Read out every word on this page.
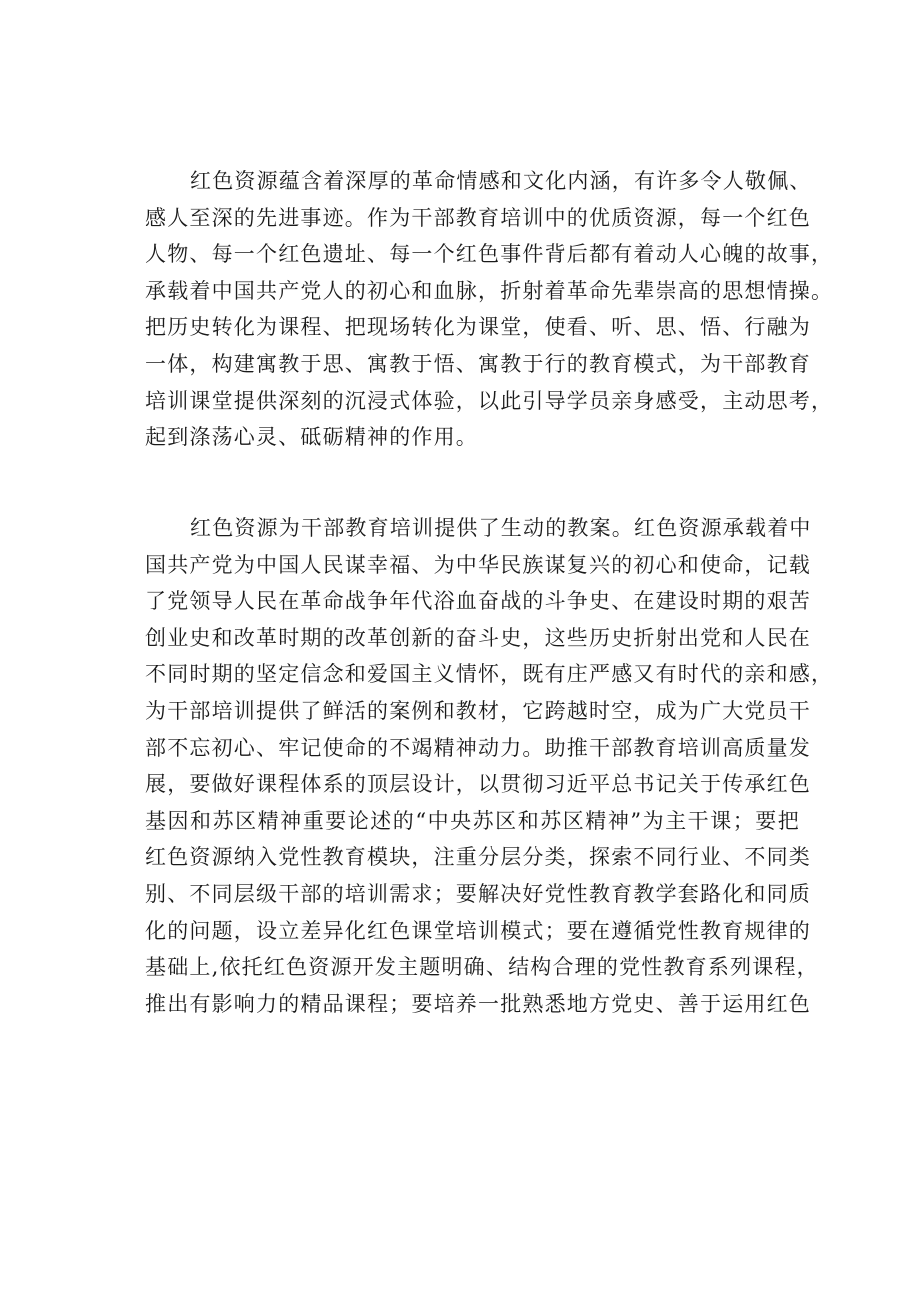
红色资源蕴含着深厚的革命情感和文化内涵，有许多令人敬佩、
感人至深的先进事迹。作为干部教育培训中的优质资源，每一个红色
人物、每一个红色遗址、每一个红色事件背后都有着动人心魄的故事，
承载着中国共产党人的初心和血脉，折射着革命先辈崇高的思想情操。
把历史转化为课程、把现场转化为课堂，使看、听、思、悟、行融为
一体，构建寓教于思、寓教于悟、寓教于行的教育模式，为干部教育
培训课堂提供深刻的沉浸式体验，以此引导学员亲身感受，主动思考，
起到涤荡心灵、砥砺精神的作用。
红色资源为干部教育培训提供了生动的教案。红色资源承载着中
国共产党为中国人民谋幸福、为中华民族谋复兴的初心和使命，记载
了党领导人民在革命战争年代浴血奋战的斗争史、在建设时期的艰苦
创业史和改革时期的改革创新的奋斗史，这些历史折射出党和人民在
不同时期的坚定信念和爱国主义情怀，既有庄严感又有时代的亲和感，
为干部培训提供了鲜活的案例和教材，它跨越时空，成为广大党员干
部不忘初心、牢记使命的不竭精神动力。助推干部教育培训高质量发
展，要做好课程体系的顶层设计，以贯彻习近平总书记关于传承红色
基因和苏区精神重要论述的“中央苏区和苏区精神”为主干课；要把
红色资源纳入党性教育模块，注重分层分类，探索不同行业、不同类
别、不同层级干部的培训需求；要解决好党性教育教学套路化和同质
化的问题，设立差异化红色课堂培训模式；要在遵循党性教育规律的
基础上,依托红色资源开发主题明确、结构合理的党性教育系列课程，
推出有影响力的精品课程；要培养一批熟悉地方党史、善于运用红色
